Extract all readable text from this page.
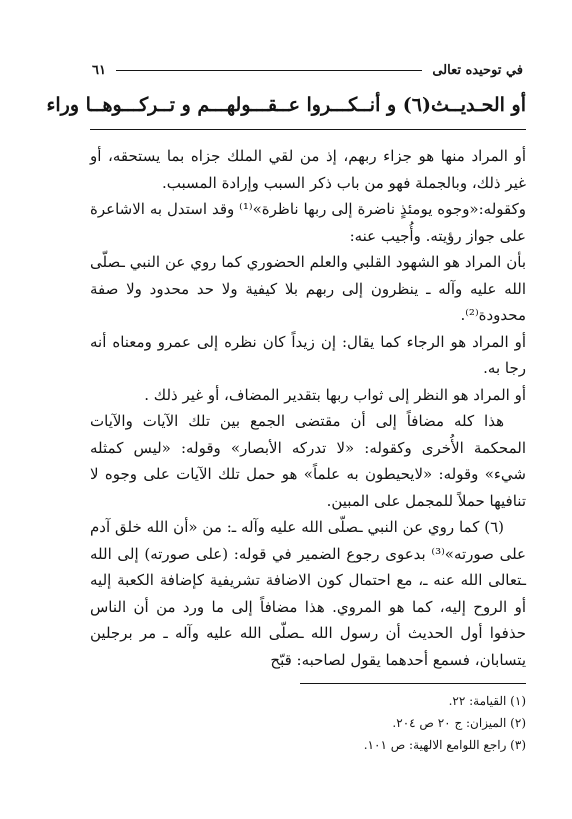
في توحيده تعالى
٦١
أو الحـديــث(٦) و أنــكـــروا عــقـــولهـــم و تــركـــوهــا وراء

أو المراد منها هو جزاء ربهم، إذ من لقي الملك جزاه بما يستحقه، أو غير ذلك، وبالجملة فهو من باب ذكر السبب وإرادة المسبب.

وكقوله:«وجوه يومئذٍ ناضرة إلى ربها ناظرة»⁽¹⁾ وقد استدل به الاشاعرة على جواز رؤيته. وأُجيب عنه:

بأن المراد هو الشهود القلبي والعلم الحضوري كما روي عن النبي ـصلّى الله عليه وآله ـ ينظرون إلى ربهم بلا كيفية ولا حد محدود ولا صفة محدودة⁽²⁾.

أو المراد هو الرجاء كما يقال: إن زيداً كان نظره إلى عمرو ومعناه أنه رجا به.

أو المراد هو النظر إلى ثواب ربها بتقدير المضاف، أو غير ذلك .

هذا كله مضافاً إلى أن مقتضى الجمع بين تلك الآيات والآيات المحكمة الأُخرى وكقوله: «لا تدركه الأبصار» وقوله: «ليس كمثله شيء» وقوله: «لايحيطون به علماً» هو حمل تلك الآيات على وجوه لا تنافيها حملاً للمجمل على المبين.

(٦) كما روي عن النبي ـصلّى الله عليه وآله ـ: من «أن الله خلق آدم على صورته»⁽³⁾ بدعوى رجوع الضمير في قوله: (على صورته) إلى الله ـتعالى الله عنه ـ، مع احتمال كون الاضافة تشريفية كإضافة الكعبة إليه أو الروح إليه، كما هو المروي. هذا مضافاً إلى ما ورد من أن الناس حذفوا أول الحديث أن رسول الله ـصلّى الله عليه وآله ـ مر برجلين يتسابان، فسمع أحدهما يقول لصاحبه: قبّح

(١) القيامة: ٢٢.
(٢) الميزان: ج ٢٠ ص ٢٠٤.
(٣) راجع اللوامع الالهية: ص ١٠١.
